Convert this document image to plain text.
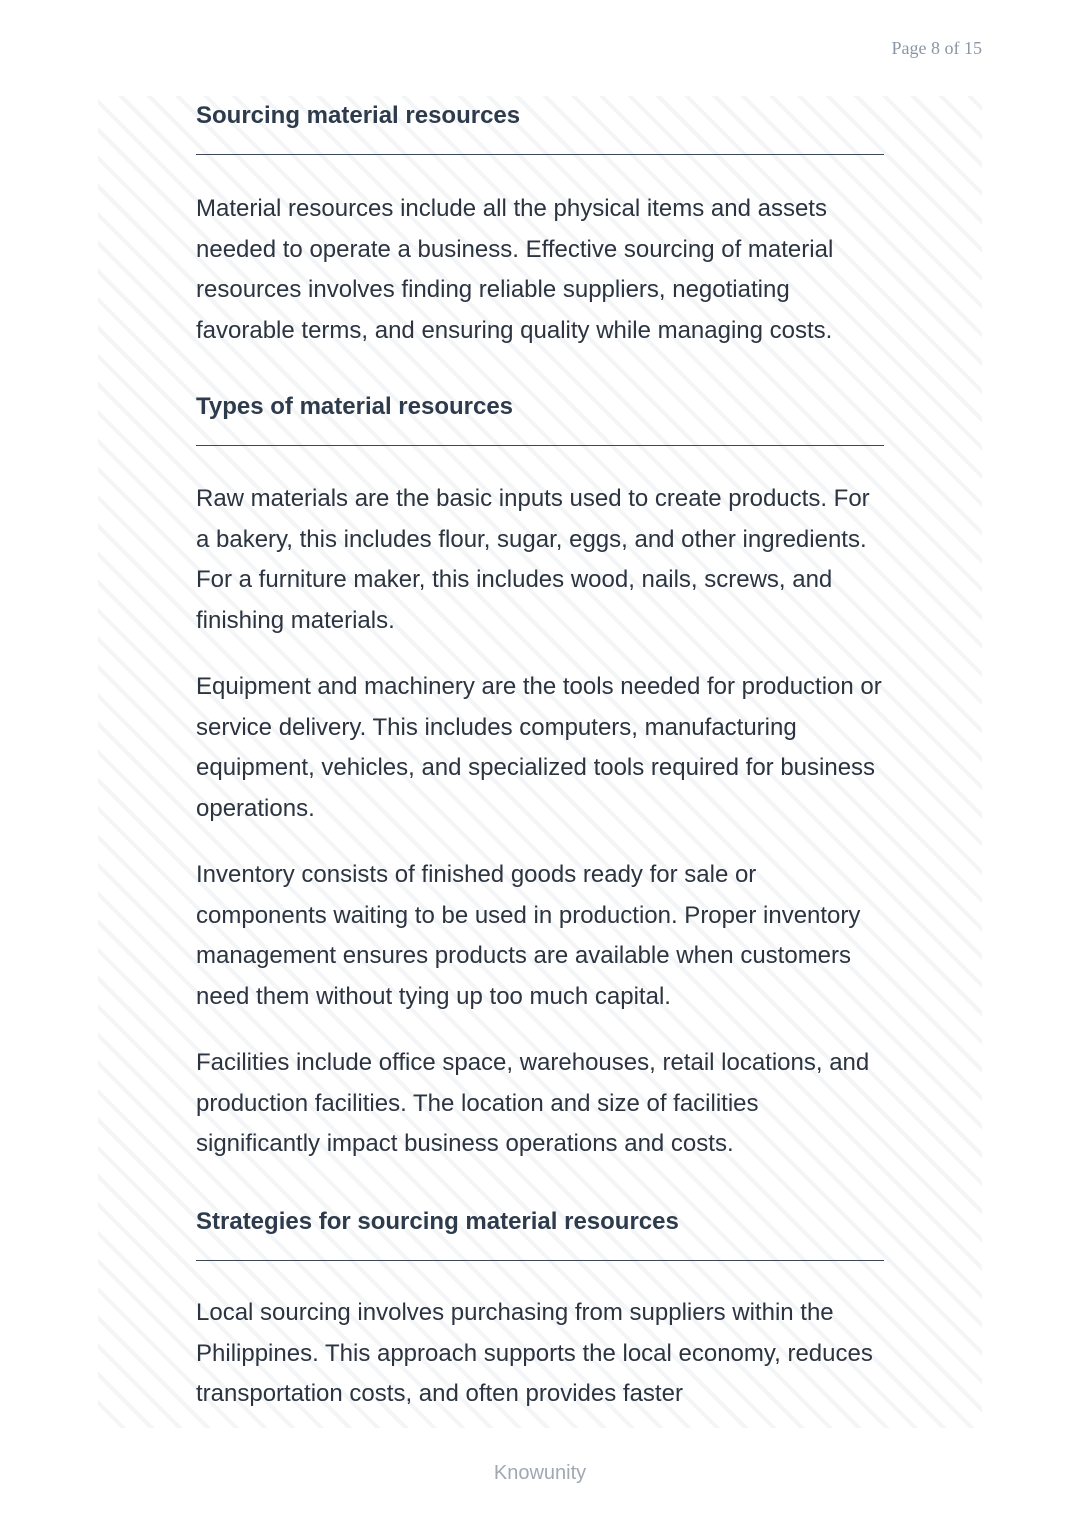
Page 8 of 15
Sourcing material resources

Material resources include all the physical items and assets needed to operate a business. Effective sourcing of material resources involves finding reliable suppliers, negotiating favorable terms, and ensuring quality while managing costs.

Types of material resources

Raw materials are the basic inputs used to create products. For a bakery, this includes flour, sugar, eggs, and other ingredients. For a furniture maker, this includes wood, nails, screws, and finishing materials.

Equipment and machinery are the tools needed for production or service delivery. This includes computers, manufacturing equipment, vehicles, and specialized tools required for business operations.

Inventory consists of finished goods ready for sale or components waiting to be used in production. Proper inventory management ensures products are available when customers need them without tying up too much capital.

Facilities include office space, warehouses, retail locations, and production facilities. The location and size of facilities significantly impact business operations and costs.

Strategies for sourcing material resources

Local sourcing involves purchasing from suppliers within the Philippines. This approach supports the local economy, reduces transportation costs, and often provides faster

Knowunity
